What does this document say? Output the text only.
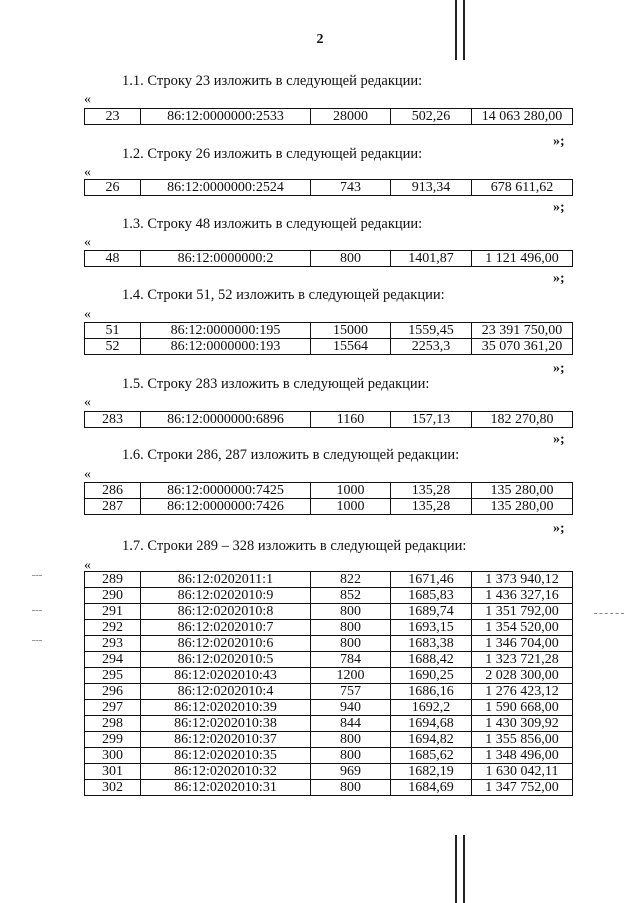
2
1.1. Строку 23 изложить в следующей редакции:
«
23	86:12:0000000:2533	28000	502,26	14 063 280,00
»;
1.2. Строку 26 изложить в следующей редакции:
«
26	86:12:0000000:2524	743	913,34	678 611,62
»;
1.3. Строку 48 изложить в следующей редакции:
«
48	86:12:0000000:2	800	1401,87	1 121 496,00
»;
1.4. Строки 51, 52 изложить в следующей редакции:
«
51	86:12:0000000:195	15000	1559,45	23 391 750,00
52	86:12:0000000:193	15564	2253,3	35 070 361,20
»;
1.5. Строку 283 изложить в следующей редакции:
«
283	86:12:0000000:6896	1160	157,13	182 270,80
»;
1.6. Строки 286, 287 изложить в следующей редакции:
«
286	86:12:0000000:7425	1000	135,28	135 280,00
287	86:12:0000000:7426	1000	135,28	135 280,00
»;
1.7. Строки 289 – 328 изложить в следующей редакции:
«
289	86:12:0202011:1	822	1671,46	1 373 940,12
290	86:12:0202010:9	852	1685,83	1 436 327,16
291	86:12:0202010:8	800	1689,74	1 351 792,00
292	86:12:0202010:7	800	1693,15	1 354 520,00
293	86:12:0202010:6	800	1683,38	1 346 704,00
294	86:12:0202010:5	784	1688,42	1 323 721,28
295	86:12:0202010:43	1200	1690,25	2 028 300,00
296	86:12:0202010:4	757	1686,16	1 276 423,12
297	86:12:0202010:39	940	1692,2	1 590 668,00
298	86:12:0202010:38	844	1694,68	1 430 309,92
299	86:12:0202010:37	800	1694,82	1 355 856,00
300	86:12:0202010:35	800	1685,62	1 348 496,00
301	86:12:0202010:32	969	1682,19	1 630 042,11
302	86:12:0202010:31	800	1684,69	1 347 752,00
